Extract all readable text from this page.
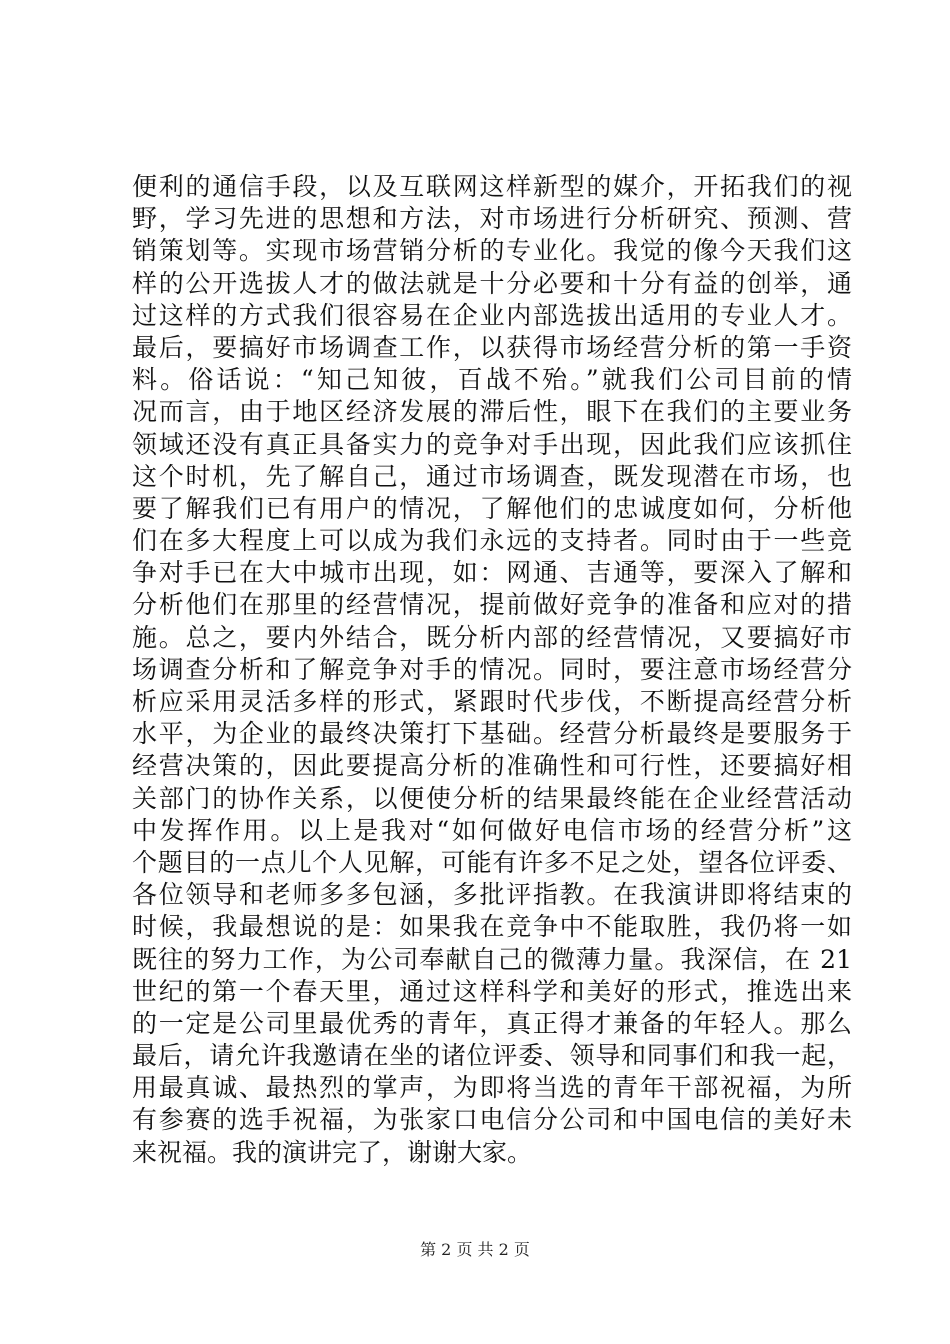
便利的通信手段，以及互联网这样新型的媒介，开拓我们的视
野，学习先进的思想和方法，对市场进行分析研究、预测、营
销策划等。实现市场营销分析的专业化。我觉的像今天我们这
样的公开选拔人才的做法就是十分必要和十分有益的创举，通
过这样的方式我们很容易在企业内部选拔出适用的专业人才。
最后，要搞好市场调查工作，以获得市场经营分析的第一手资
料。俗话说：“知己知彼，百战不殆。”就我们公司目前的情
况而言，由于地区经济发展的滞后性，眼下在我们的主要业务
领域还没有真正具备实力的竞争对手出现，因此我们应该抓住
这个时机，先了解自己，通过市场调查，既发现潜在市场，也
要了解我们已有用户的情况，了解他们的忠诚度如何，分析他
们在多大程度上可以成为我们永远的支持者。同时由于一些竞
争对手已在大中城市出现，如：网通、吉通等，要深入了解和
分析他们在那里的经营情况，提前做好竞争的准备和应对的措
施。总之，要内外结合，既分析内部的经营情况，又要搞好市
场调查分析和了解竞争对手的情况。同时，要注意市场经营分
析应采用灵活多样的形式，紧跟时代步伐，不断提高经营分析
水平，为企业的最终决策打下基础。经营分析最终是要服务于
经营决策的，因此要提高分析的准确性和可行性，还要搞好相
关部门的协作关系，以便使分析的结果最终能在企业经营活动
中发挥作用。以上是我对“如何做好电信市场的经营分析”这
个题目的一点儿个人见解，可能有许多不足之处，望各位评委、
各位领导和老师多多包涵，多批评指教。在我演讲即将结束的
时候，我最想说的是：如果我在竞争中不能取胜，我仍将一如
既往的努力工作，为公司奉献自己的微薄力量。我深信，在 21
世纪的第一个春天里，通过这样科学和美好的形式，推选出来
的一定是公司里最优秀的青年，真正得才兼备的年轻人。那么
最后，请允许我邀请在坐的诸位评委、领导和同事们和我一起，
用最真诚、最热烈的掌声，为即将当选的青年干部祝福，为所
有参赛的选手祝福，为张家口电信分公司和中国电信的美好未
来祝福。我的演讲完了，谢谢大家。
第 2 页 共 2 页
